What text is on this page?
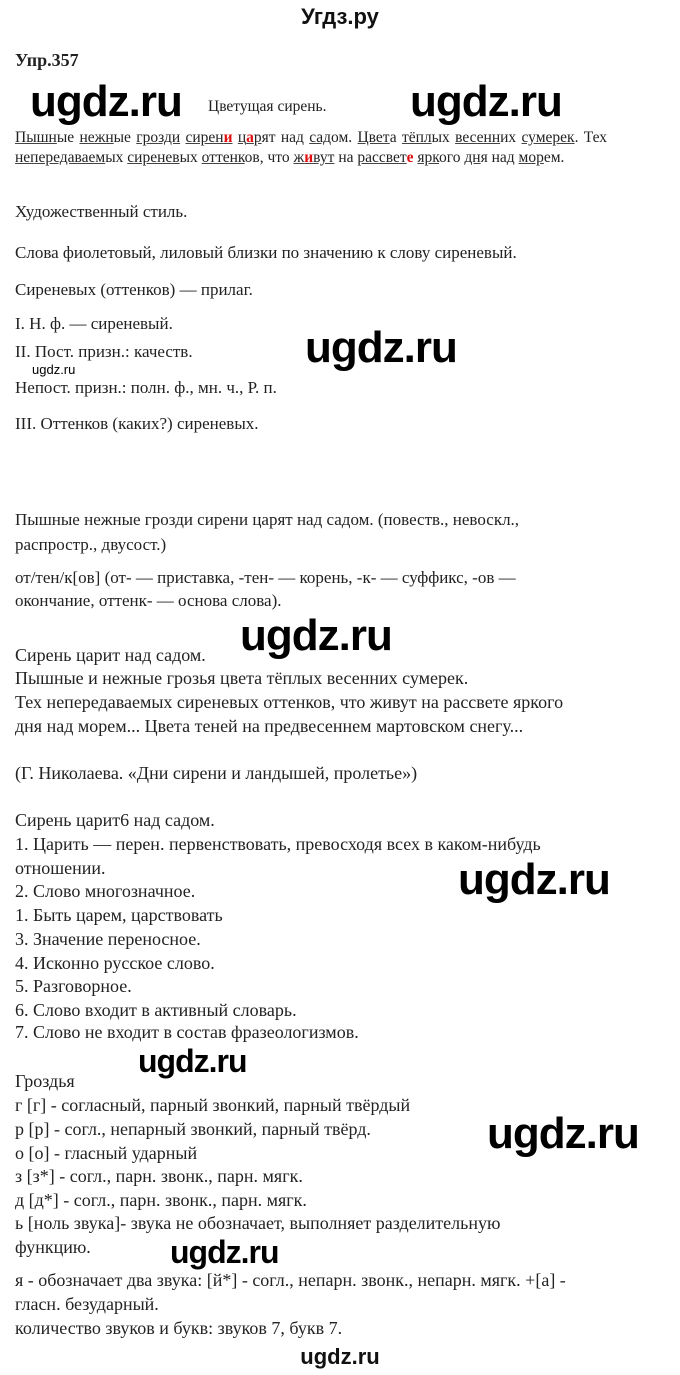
Угдз.ру
Упр.357
ugdz.ru	ugdz.ru
Цветущая сирень.
Пышные нежные грозди сирени царят над садом. Цвета тёплых весенних сумерек. Тех непередаваемых сиреневых оттенков, что живут на рассвете яркого дня над морем.
Художественный стиль.
Слова фиолетовый, лиловый близки по значению к слову сиреневый.
Сиреневых (оттенков) — прилаг.
I. Н. ф. — сиреневый.
II. Пост. призн.: качеств.	ugdz.ru
ugdz.ru
Непост. призн.: полн. ф., мн. ч., Р. п.
III. Оттенков (каких?) сиреневых.
Пышные нежные грозди сирени царят над садом. (повеств., невоскл.,
распростр., двусост.)
от/тен/к[ов] (от- — приставка, -тен- — корень, -к- — суффикс, -ов —
окончание, оттенк- — основа слова).
ugdz.ru
Сирень царит над садом.
Пышные и нежные грозья цвета тёплых весенних сумерек.
Тех непередаваемых сиреневых оттенков, что живут на рассвете яркого
дня над морем... Цвета теней на предвесеннем мартовском снегу...
(Г. Николаева. «Дни сирени и ландышей, пролетье»)
Сирень царит6 над садом.
1. Царить — перен. первенствовать, превосходя всех в каком-нибудь
отношении.
2. Слово многозначное.
1. Быть царем, царствовать
3. Значение переносное.
4. Исконно русское слово.
5. Разговорное.
6. Слово входит в активный словарь.
7. Слово не входит в состав фразеологизмов.
ugdz.ru
ugdz.ru
Гроздья
г [г] - согласный, парный звонкий, парный твёрдый
р [р] - согл., непарный звонкий, парный твёрд.
о [о] - гласный ударный
з [з*] - согл., парн. звонк., парн. мягк.
д [д*] - согл., парн. звонк., парн. мягк.
ь [ноль звука]- звука не обозначает, выполняет разделительную
функцию.
я - обозначает два звука: [й*] - согл., непарн. звонк., непарн. мягк. +[а] -
гласн. безударный.
количество звуков и букв: звуков 7, букв 7.
ugdz.ru
ugdz.ru
ugdz.ru
